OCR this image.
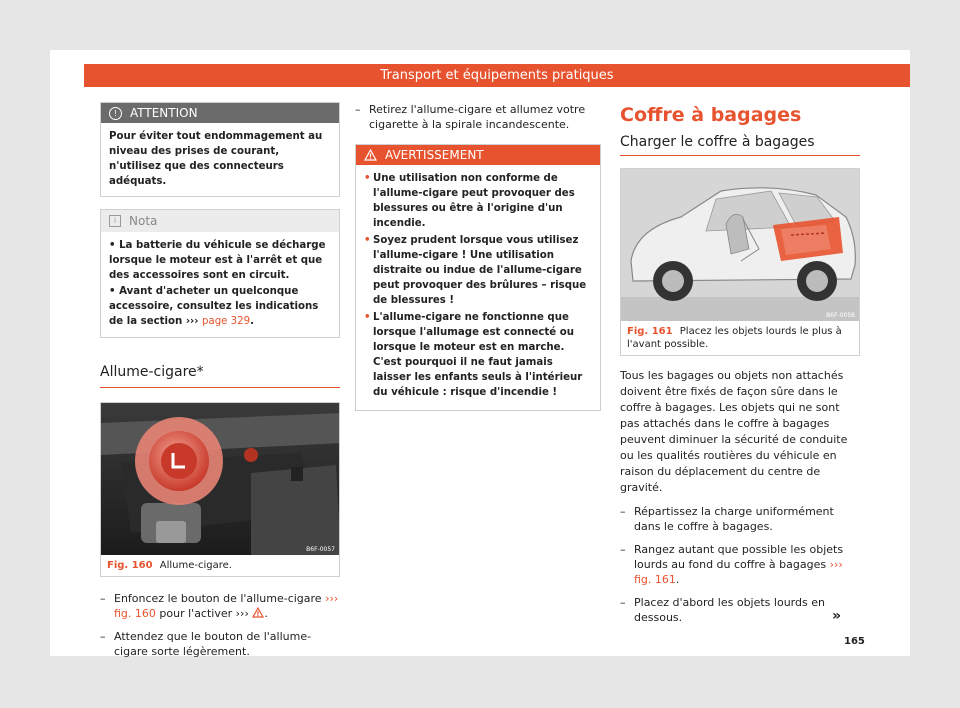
Transport et équipements pratiques
!	ATTENTION
Pour éviter tout endommagement au niveau des prises de courant, n'utilisez que des connecteurs adéquats.
i	Nota
• La batterie du véhicule se décharge lorsque le moteur est à l'arrêt et que des accessoires sont en circuit.
• Avant d'acheter un quelconque accessoire, consultez les indications de la section ››› page 329.
Allume-cigare*
B6F-0057
Fig. 160 Allume-cigare.
– Enfoncez le bouton de l'allume-cigare ››› fig. 160 pour l'activer ››› .
– Attendez que le bouton de l'allume-cigare sorte légèrement.
– Retirez l'allume-cigare et allumez votre cigarette à la spirale incandescente.
AVERTISSEMENT
• Une utilisation non conforme de l'allume-cigare peut provoquer des blessures ou être à l'origine d'un incendie.
• Soyez prudent lorsque vous utilisez l'allume-cigare ! Une utilisation distraite ou indue de l'allume-cigare peut provoquer des brûlures – risque de blessures !
• L'allume-cigare ne fonctionne que lorsque l'allumage est connecté ou lorsque le moteur est en marche. C'est pourquoi il ne faut jamais laisser les enfants seuls à l'intérieur du véhicule : risque d'incendie !
Coffre à bagages
Charger le coffre à bagages
B6F-0058
Fig. 161 Placez les objets lourds le plus à l'avant possible.
Tous les bagages ou objets non attachés doivent être fixés de façon sûre dans le coffre à bagages. Les objets qui ne sont pas attachés dans le coffre à bagages peuvent diminuer la sécurité de conduite ou les qualités routières du véhicule en raison du déplacement du centre de gravité.
– Répartissez la charge uniformément dans le coffre à bagages.
– Rangez autant que possible les objets lourds au fond du coffre à bagages ››› fig. 161.
– Placez d'abord les objets lourds en dessous.	»
165
